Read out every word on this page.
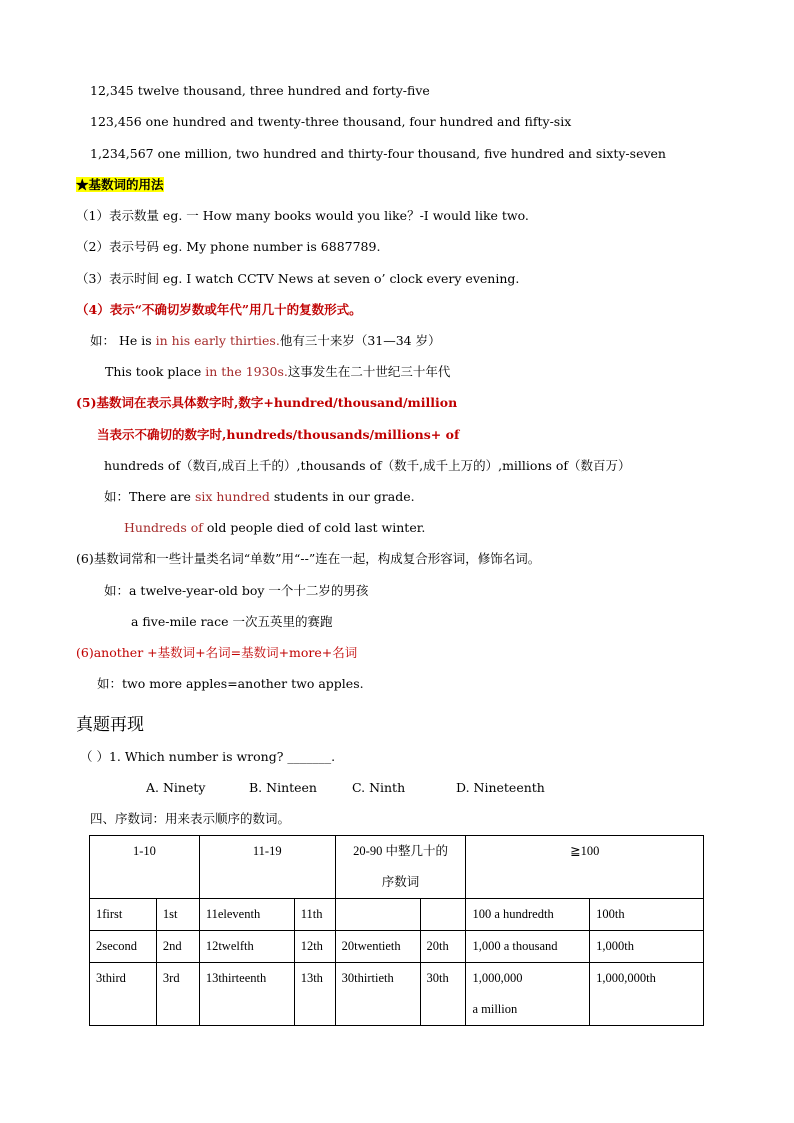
12,345 twelve thousand, three hundred and forty-five
123,456 one hundred and twenty-three thousand, four hundred and fifty-six
1,234,567 one million, two hundred and thirty-four thousand, five hundred and sixty-seven
★基数词的用法
（1）表示数量 eg. 一 How many books would you like？-I would like two.
（2）表示号码 eg. My phone number is 6887789.
（3）表示时间 eg. I watch CCTV News at seven o’ clock every evening.
（4）表示“不确切岁数或年代”用几十的复数形式。
如： He is in his early thirties.他有三十来岁（31—34 岁）
This took place in the 1930s.这事发生在二十世纪三十年代
(5)基数词在表示具体数字时,数字+hundred/thousand/million
当表示不确切的数字时,hundreds/thousands/millions+ of
hundreds of（数百,成百上千的）,thousands of（数千,成千上万的）,millions of（数百万）
如：There are six hundred students in our grade.
Hundreds of old people died of cold last winter.
(6)基数词常和一些计量类名词“单数”用“--”连在一起，构成复合形容词，修饰名词。
如：a twelve-year-old boy 一个十二岁的男孩
a five-mile race 一次五英里的赛跑
(6)another +基数词+名词=基数词+more+名词
如：two more apples=another two apples.
真题再现
（ ）1. Which number is wrong? _______.
A. Ninety	B. Ninteen	C. Ninth	D. Nineteenth
四、序数词：用来表示顺序的数词。
1-10		11-19		20-90 中整几十的
序数词		≧100	
1first	1st	11eleventh	11th			100 a hundredth	100th
2second	2nd	12twelfth	12th	20twentieth	20th	1,000 a thousand	1,000th
3third	3rd	13thirteenth	13th	30thirtieth	30th	1,000,000
a million	1,000,000th
